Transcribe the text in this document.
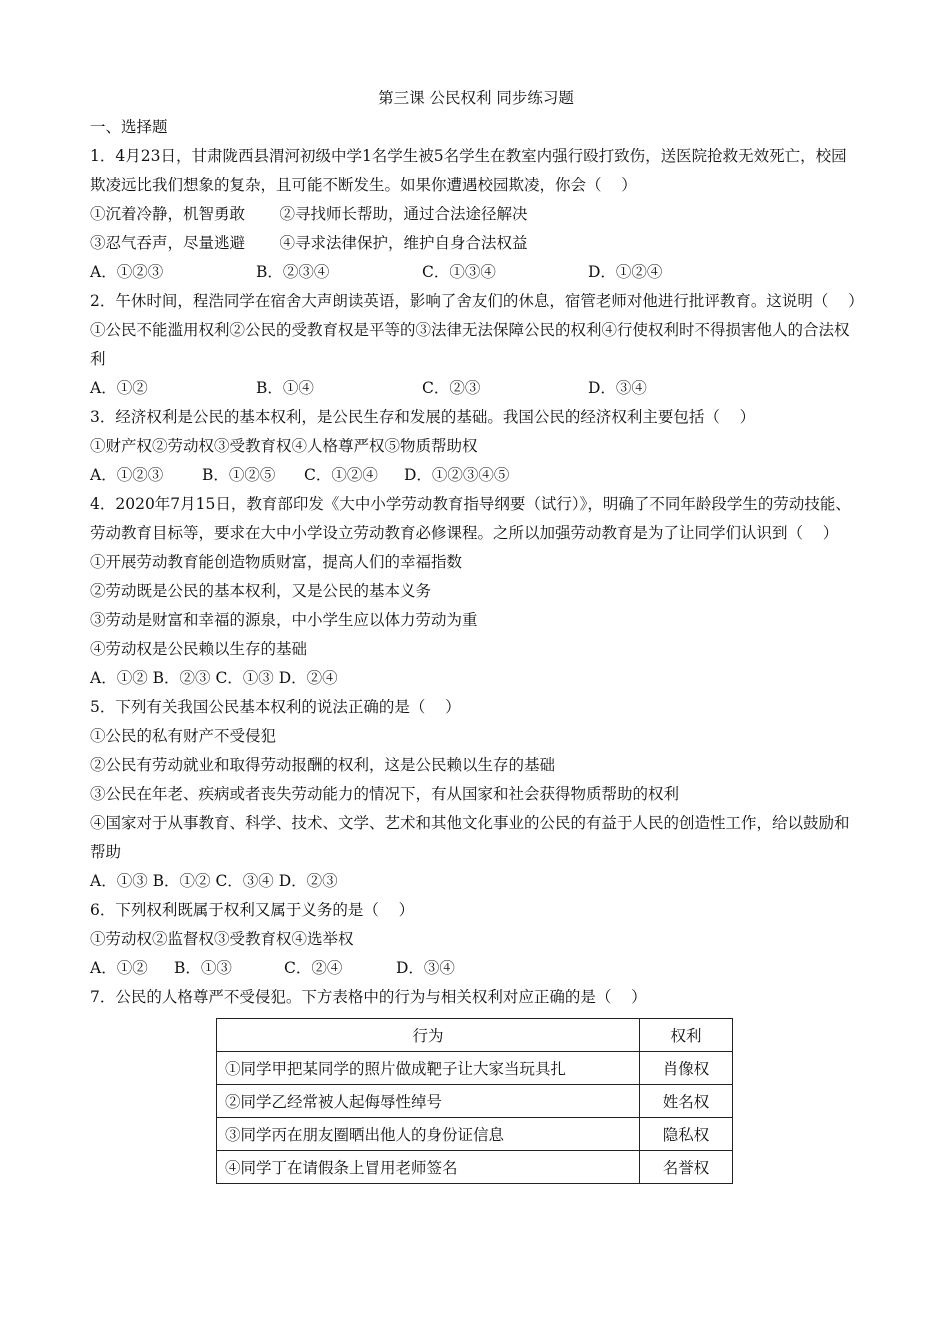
第三课 公民权利 同步练习题
一、选择题
1．4月23日，甘肃陇西县渭河初级中学1名学生被5名学生在教室内强行殴打致伤，送医院抢救无效死亡，校园欺凌远比我们想象的复杂，且可能不断发生。如果你遭遇校园欺凌，你会（    ）
①沉着冷静，机智勇敢       ②寻找师长帮助，通过合法途径解决
③忍气吞声，尽量逃避       ④寻求法律保护，维护自身合法权益
A．①②③	B．②③④	C．①③④	D．①②④
2．午休时间，程浩同学在宿舍大声朗读英语，影响了舍友们的休息，宿管老师对他进行批评教育。这说明（    ）
①公民不能滥用权利②公民的受教育权是平等的③法律无法保障公民的权利④行使权利时不得损害他人的合法权利
A．①②	B．①④	C．②③	D．③④
3．经济权利是公民的基本权利，是公民生存和发展的基础。我国公民的经济权利主要包括（    ）
①财产权②劳动权③受教育权④人格尊严权⑤物质帮助权
A．①②③	B．①②⑤	C．①②④	D．①②③④⑤
4．2020年7月15日，教育部印发《大中小学劳动教育指导纲要（试行）》，明确了不同年龄段学生的劳动技能、劳动教育目标等，要求在大中小学设立劳动教育必修课程。之所以加强劳动教育是为了让同学们认识到（    ）
①开展劳动教育能创造物质财富，提高人们的幸福指数
②劳动既是公民的基本权利，又是公民的基本义务
③劳动是财富和幸福的源泉，中小学生应以体力劳动为重
④劳动权是公民赖以生存的基础
A．①② B．②③ C．①③ D．②④
5．下列有关我国公民基本权利的说法正确的是（    ）
①公民的私有财产不受侵犯
②公民有劳动就业和取得劳动报酬的权利，这是公民赖以生存的基础
③公民在年老、疾病或者丧失劳动能力的情况下，有从国家和社会获得物质帮助的权利
④国家对于从事教育、科学、技术、文学、艺术和其他文化事业的公民的有益于人民的创造性工作，给以鼓励和帮助
A．①③ B．①② C．③④ D．②③
6．下列权利既属于权利又属于义务的是（    ）
①劳动权②监督权③受教育权④选举权
A．①②	B．①③	C．②④	D．③④
7．公民的人格尊严不受侵犯。下方表格中的行为与相关权利对应正确的是（    ）
行为	权利
①同学甲把某同学的照片做成靶子让大家当玩具扎	肖像权
②同学乙经常被人起侮辱性绰号	姓名权
③同学丙在朋友圈晒出他人的身份证信息	隐私权
④同学丁在请假条上冒用老师签名	名誉权
